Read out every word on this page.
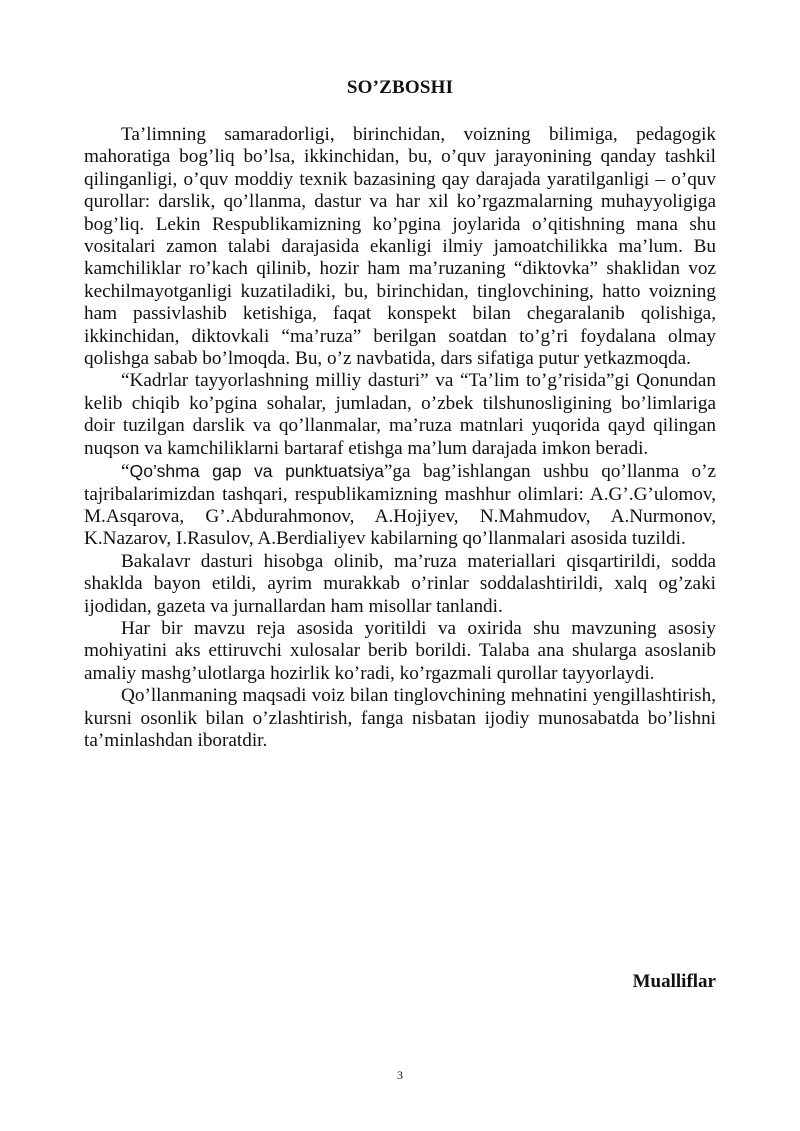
SO’ZBOSHI

Ta’limning samaradorligi, birinchidan, voizning bilimiga, pedagogik mahoratiga bog’liq bo’lsa, ikkinchidan, bu, o’quv jarayonining qanday tashkil qilinganligi, o’quv moddiy texnik bazasining qay darajada yaratilganligi – o’quv qurollar: darslik, qo’llanma, dastur va har xil ko’rgazmalarning muhayyoligiga bog’liq. Lekin Respublikamizning ko’pgina joylarida o’qitishning mana shu vositalari zamon talabi darajasida ekanligi ilmiy jamoatchilikka ma’lum. Bu kamchiliklar ro’kach qilinib, hozir ham ma’ruzaning “diktovka” shaklidan voz kechilmayotganligi kuzatiladiki, bu, birinchidan, tinglovchining, hatto voizning ham passivlashib ketishiga, faqat konspekt bilan chegaralanib qolishiga, ikkinchidan, diktovkali “ma’ruza” berilgan soatdan to’g’ri foydalana olmay qolishga sabab bo’lmoqda. Bu, o’z navbatida, dars sifatiga putur yetkazmoqda.

“Kadrlar tayyorlashning milliy dasturi” va “Ta’lim to’g’risida”gi Qonundan kelib chiqib ko’pgina sohalar, jumladan, o’zbek tilshunosligining bo’limlariga doir tuzilgan darslik va qo’llanmalar, ma’ruza matnlari yuqorida qayd qilingan nuqson va kamchiliklarni bartaraf etishga ma’lum darajada imkon beradi.

“Qo’shma gap va punktuatsiya”ga bag’ishlangan ushbu qo’llanma o’z tajribalarimizdan tashqari, respublikamizning mashhur olimlari: A.G’.G’ulomov, M.Asqarova, G’.Abdurahmonov, A.Hojiyev, N.Mahmudov, A.Nurmonov, K.Nazarov, I.Rasulov, A.Berdialiyev kabilarning qo’llanmalari asosida tuzildi.

Bakalavr dasturi hisobga olinib, ma’ruza materiallari qisqartirildi, sodda shaklda bayon etildi, ayrim murakkab o’rinlar soddalashtirildi, xalq og’zaki ijodidan, gazeta va jurnallardan ham misollar tanlandi.

Har bir mavzu reja asosida yoritildi va oxirida shu mavzuning asosiy mohiyatini aks ettiruvchi xulosalar berib borildi. Talaba ana shularga asoslanib amaliy mashg’ulotlarga hozirlik ko’radi, ko’rgazmali qurollar tayyorlaydi.

Qo’llanmaning maqsadi voiz bilan tinglovchining mehnatini yengillashtirish, kursni osonlik bilan o’zlashtirish, fanga nisbatan ijodiy munosabatda bo’lishni ta’minlashdan iboratdir.

Mualliflar

3
